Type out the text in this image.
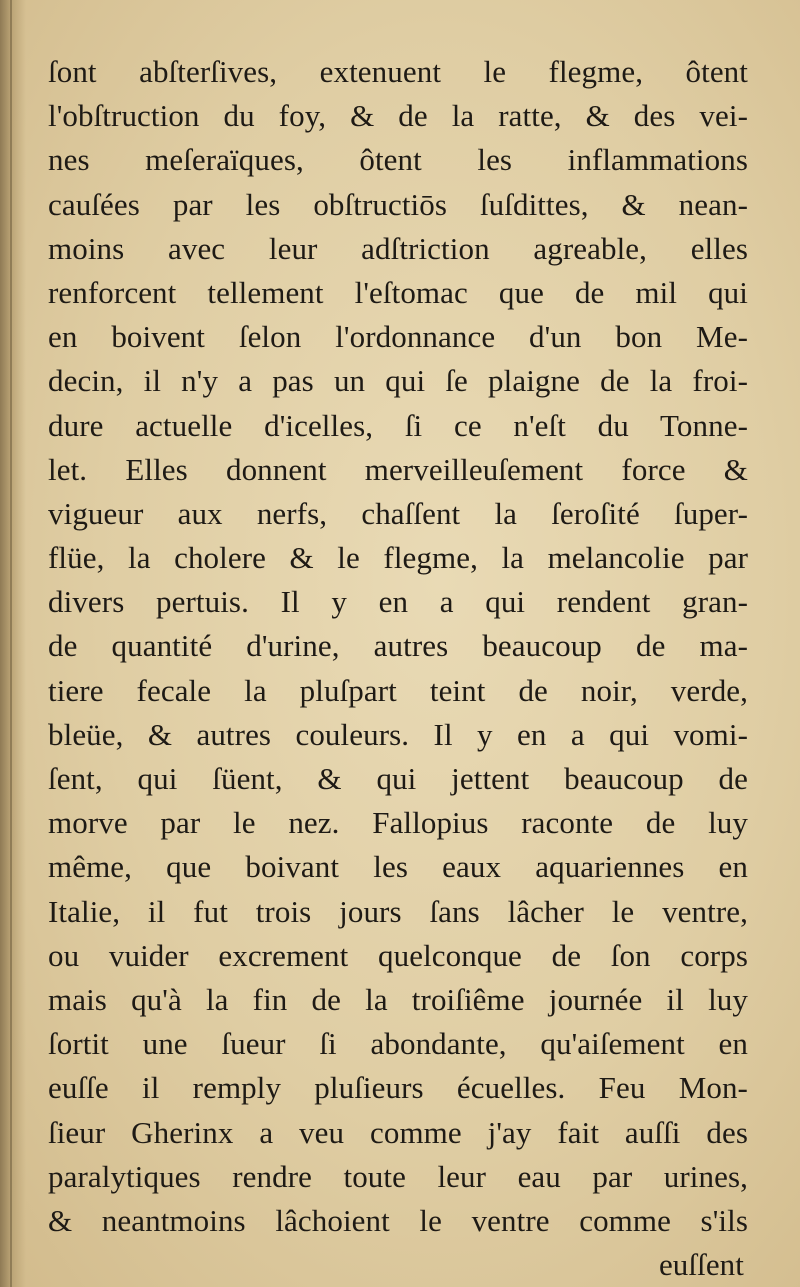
ſont abſterſives, extenuent le flegme, ôtent
l'obſtruction du foy, & de la ratte, & des vei-
nes meſeraïques, ôtent les inflammations
cauſées par les obſtructiōs ſuſdittes, & nean-
moins avec leur adſtriction agreable, elles
renforcent tellement l'eſtomac que de mil qui
en boivent ſelon l'ordonnance d'un bon Me-
decin, il n'y a pas un qui ſe plaigne de la froi-
dure actuelle d'icelles, ſi ce n'eſt du Tonne-
let. Elles donnent merveilleuſement force &
vigueur aux nerfs, chaſſent la ſeroſité ſuper-
flüe, la cholere & le flegme, la melancolie par
divers pertuis. Il y en a qui rendent gran-
de quantité d'urine, autres beaucoup de ma-
tiere fecale la pluſpart teint de noir, verde,
bleüe, & autres couleurs. Il y en a qui vomi-
ſent, qui ſüent, & qui jettent beaucoup de
morve par le nez. Fallopius raconte de luy
même, que boivant les eaux aquariennes en
Italie, il fut trois jours ſans lâcher le ventre,
ou vuider excrement quelconque de ſon corps
mais qu'à la fin de la troiſiême journée il luy
ſortit une ſueur ſi abondante, qu'aiſement en
euſſe il remply pluſieurs écuelles. Feu Mon-
ſieur Gherinx a veu comme j'ay fait auſſi des
paralytiques rendre toute leur eau par urines,
& neantmoins lâchoient le ventre comme s'ils
euſſent
